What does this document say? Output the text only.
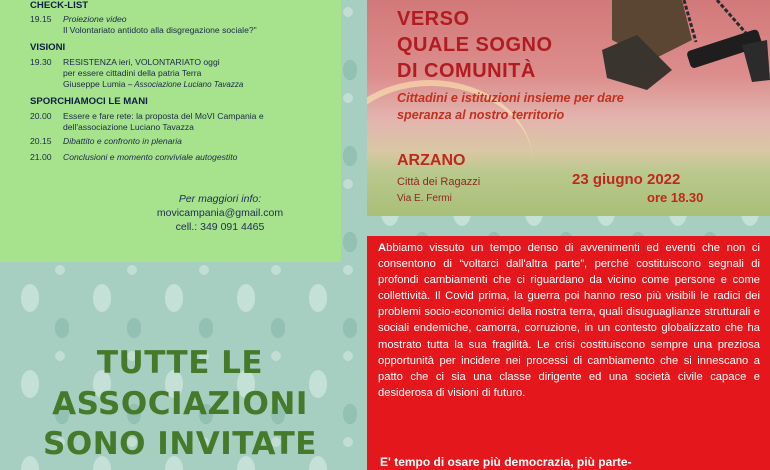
CHECK-LIST
19.15	Proiezione video
Il Volontariato antidoto alla disgregazione sociale?"
VISIONI
19.30	RESISTENZA ieri, VOLONTARIATO oggi
per essere cittadini della patria Terra
Giuseppe Lumia – Associazione Luciano Tavazza
SPORCHIAMOCI LE MANI
20.00	Essere e fare rete: la proposta del MoVI Campania e
dell'associazione Luciano Tavazza
20.15	Dibattito e confronto in plenaria
21.00	Conclusioni e momento conviviale autogestito
Per maggiori info:
movicampania@gmail.com
cell.: 349 091 4465
TUTTE LE
ASSOCIAZIONI
SONO INVITATE
VERSO
QUALE SOGNO
DI COMUNITÀ
Cittadini e istituzioni insieme per dare
speranza al nostro territorio
ARZANO
Città dei Ragazzi
Via E. Fermi
23 giugno 2022
ore 18.30
Abbiamo vissuto un tempo denso di avvenimenti ed eventi che non ci consentono di “voltarci dall'altra parte”, perché costituiscono segnali di profondi cambiamenti che ci riguardano da vicino come persone e come collettività. Il Covid prima, la guerra poi hanno reso più visibili le radici dei problemi socio-economici della nostra terra, quali disuguaglianze strutturali e sociali endemiche, camorra, corruzione, in un contesto globalizzato che ha mostrato tutta la sua fragilità. Le crisi costituiscono sempre una preziosa opportunità per incidere nei processi di cambiamento che si innescano a patto che ci sia una classe dirigente ed una società civile capace e desiderosa di visioni di futuro.
E' tempo di osare più democrazia, più parte-
